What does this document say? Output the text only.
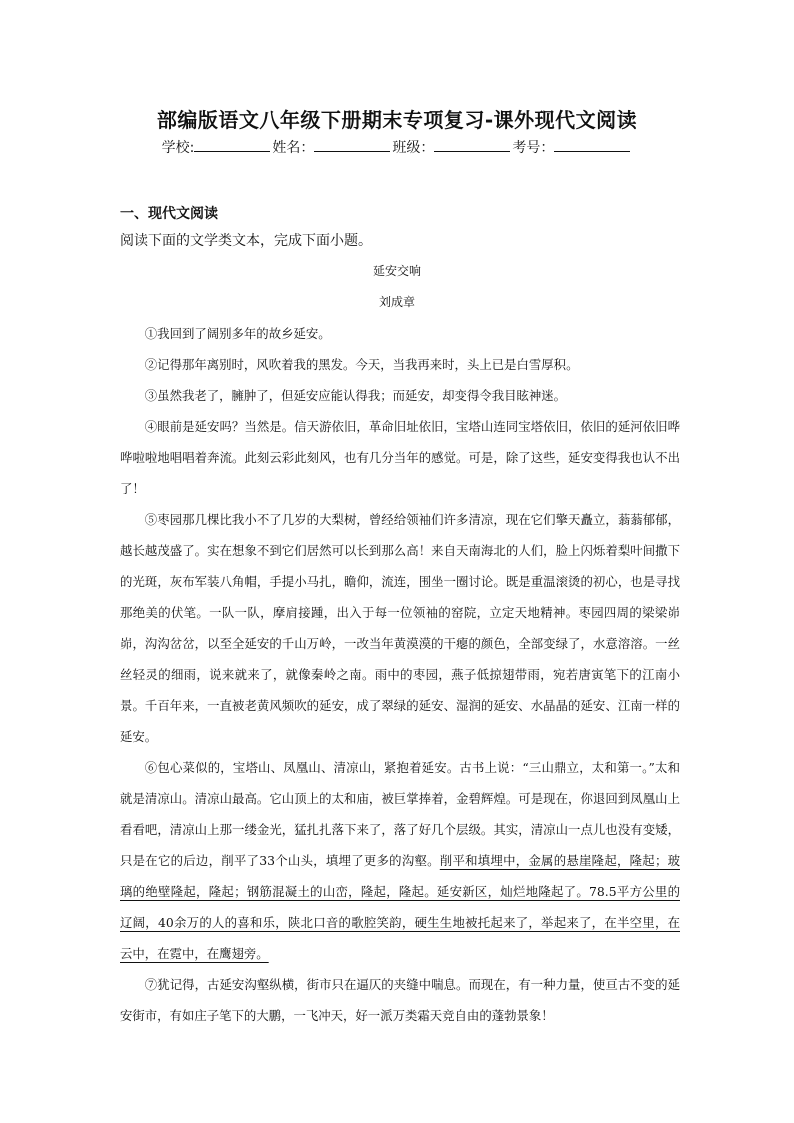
部编版语文八年级下册期末专项复习-课外现代文阅读
学校:	姓名：	班级：	考号：
一、现代文阅读
阅读下面的文学类文本，完成下面小题。
延安交响
刘成章

①我回到了阔别多年的故乡延安。

②记得那年离别时，风吹着我的黑发。今天，当我再来时，头上已是白雪厚积。

③虽然我老了，臃肿了，但延安应能认得我；而延安，却变得令我目眩神迷。

④眼前是延安吗？当然是。信天游依旧，革命旧址依旧，宝塔山连同宝塔依旧，依旧的延河依旧哗哗啦啦地唱唱着奔流。此刻云彩此刻风，也有几分当年的感觉。可是，除了这些，延安变得我也认不出了！

⑤枣园那几棵比我小不了几岁的大梨树，曾经给领袖们许多清凉，现在它们擎天矗立，蓊蓊郁郁，越长越茂盛了。实在想象不到它们居然可以长到那么高！来自天南海北的人们，脸上闪烁着梨叶间撒下的光斑，灰布军装八角帽，手提小马扎，瞻仰，流连，围坐一圈讨论。既是重温滚烫的初心，也是寻找那绝美的伏笔。一队一队，摩肩接踵，出入于每一位领袖的窑院，立定天地精神。枣园四周的梁梁峁峁，沟沟岔岔，以至全延安的千山万岭，一改当年黄漠漠的干瘪的颜色，全部变绿了，水意溶溶。一丝丝轻灵的细雨，说来就来了，就像秦岭之南。雨中的枣园，燕子低掠翅带雨，宛若唐寅笔下的江南小景。千百年来，一直被老黄风频吹的延安，成了翠绿的延安、湿润的延安、水晶晶的延安、江南一样的延安。

⑥包心菜似的，宝塔山、凤凰山、清凉山，紧抱着延安。古书上说：“三山鼎立，太和第一。”太和就是清凉山。清凉山最高。它山顶上的太和庙，被巨掌捧着，金碧辉煌。可是现在，你退回到凤凰山上看看吧，清凉山上那一缕金光，猛扎扎落下来了，落了好几个层级。其实，清凉山一点儿也没有变矮，只是在它的后边，削平了33个山头，填埋了更多的沟壑。削平和填埋中，金属的悬崖隆起，隆起；玻璃的绝壁隆起，隆起；钢筋混凝土的山峦，隆起，隆起。延安新区，灿烂地隆起了。78.5平方公里的辽阔，40余万的人的喜和乐，陕北口音的歌腔笑韵，硬生生地被托起来了，举起来了，在半空里，在云中，在霓中，在鹰翅旁。

⑦犹记得，古延安沟壑纵横，街市只在逼仄的夹缝中喘息。而现在，有一种力量，使亘古不变的延安街市，有如庄子笔下的大鹏，一飞冲天，好一派万类霜天竞自由的蓬勃景象！
